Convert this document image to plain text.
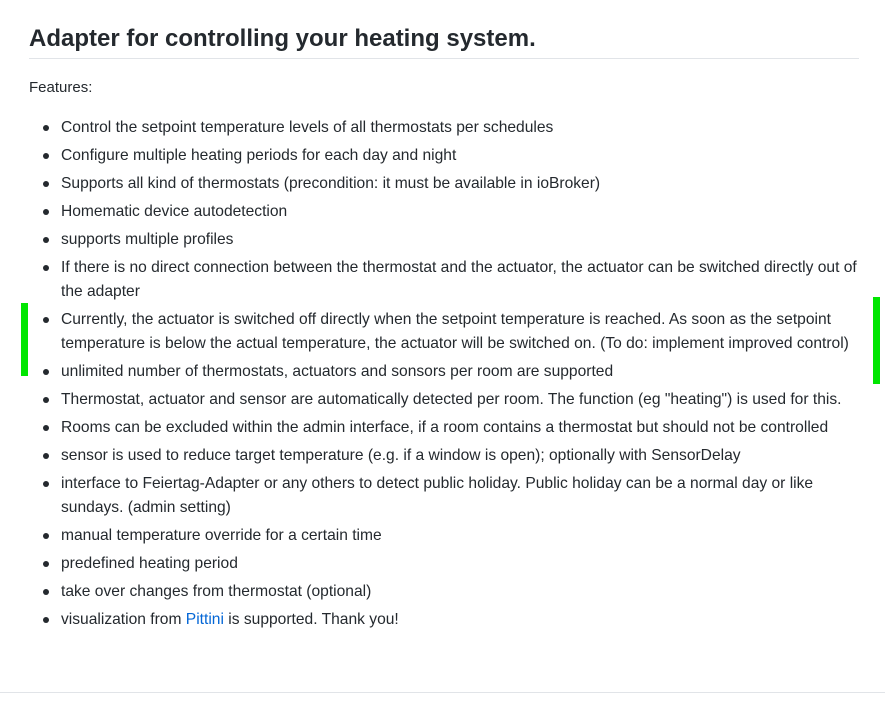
Adapter for controlling your heating system.

Features:

Control the setpoint temperature levels of all thermostats per schedules
Configure multiple heating periods for each day and night
Supports all kind of thermostats (precondition: it must be available in ioBroker)
Homematic device autodetection
supports multiple profiles
If there is no direct connection between the thermostat and the actuator, the actuator can be switched directly out of the adapter
Currently, the actuator is switched off directly when the setpoint temperature is reached. As soon as the setpoint temperature is below the actual temperature, the actuator will be switched on. (To do: implement improved control)
unlimited number of thermostats, actuators and sonsors per room are supported
Thermostat, actuator and sensor are automatically detected per room. The function (eg "heating") is used for this.
Rooms can be excluded within the admin interface, if a room contains a thermostat but should not be controlled
sensor is used to reduce target temperature (e.g. if a window is open); optionally with SensorDelay
interface to Feiertag-Adapter or any others to detect public holiday. Public holiday can be a normal day or like sundays. (admin setting)
manual temperature override for a certain time
predefined heating period
take over changes from thermostat (optional)
visualization from Pittini is supported. Thank you!
